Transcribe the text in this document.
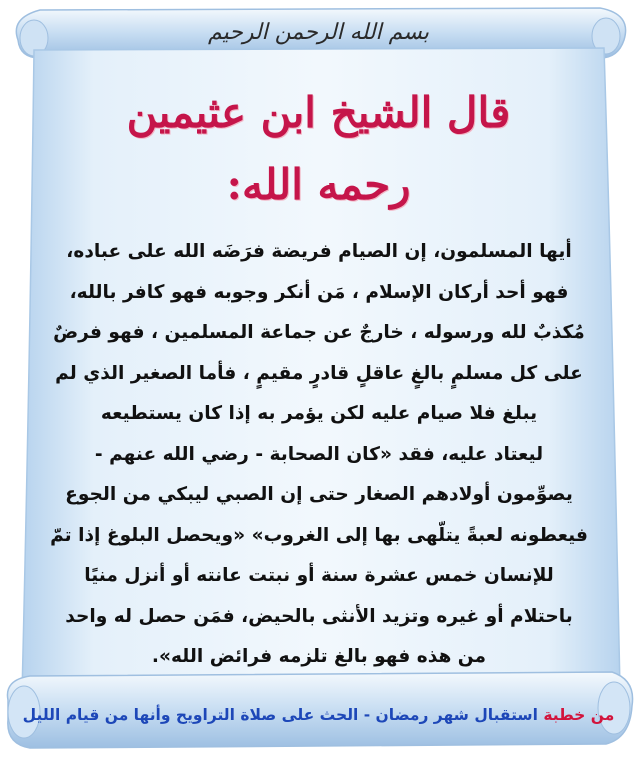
بسم الله الرحمن الرحيم
قال الشيخ ابن عثيمين
رحمه الله:
أيها المسلمون، إن الصيام فريضة فرَضَه الله على عباده،
فهو أحد أركان الإسلام ، مَن أنكر وجوبه فهو كافر بالله،
مُكذبٌ لله ورسوله ، خارجٌ عن جماعة المسلمين ، فهو فرضٌ
على كل مسلمٍ بالغٍ عاقلٍ قادرٍ مقيمٍ ، فأما الصغير الذي لم
يبلغ فلا صيام عليه لكن يؤمر به إذا كان يستطيعه
ليعتاد عليه، فقد «كان الصحابة - رضي الله عنهم -
يصوِّمون أولادهم الصغار حتى إن الصبي ليبكي من الجوع
فيعطونه لعبةً يتلّهى بها إلى الغروب» «ويحصل البلوغ إذا تمّ
للإنسان خمس عشرة سنة أو نبتت عانته أو أنزل منيًا
باحتلام أو غيره وتزيد الأنثى بالحيض، فمَن حصل له واحد
من هذه فهو بالغ تلزمه فرائض الله».
من خطبة استقبال شهر رمضان - الحث على صلاة التراويح وأنها من قيام الليل
